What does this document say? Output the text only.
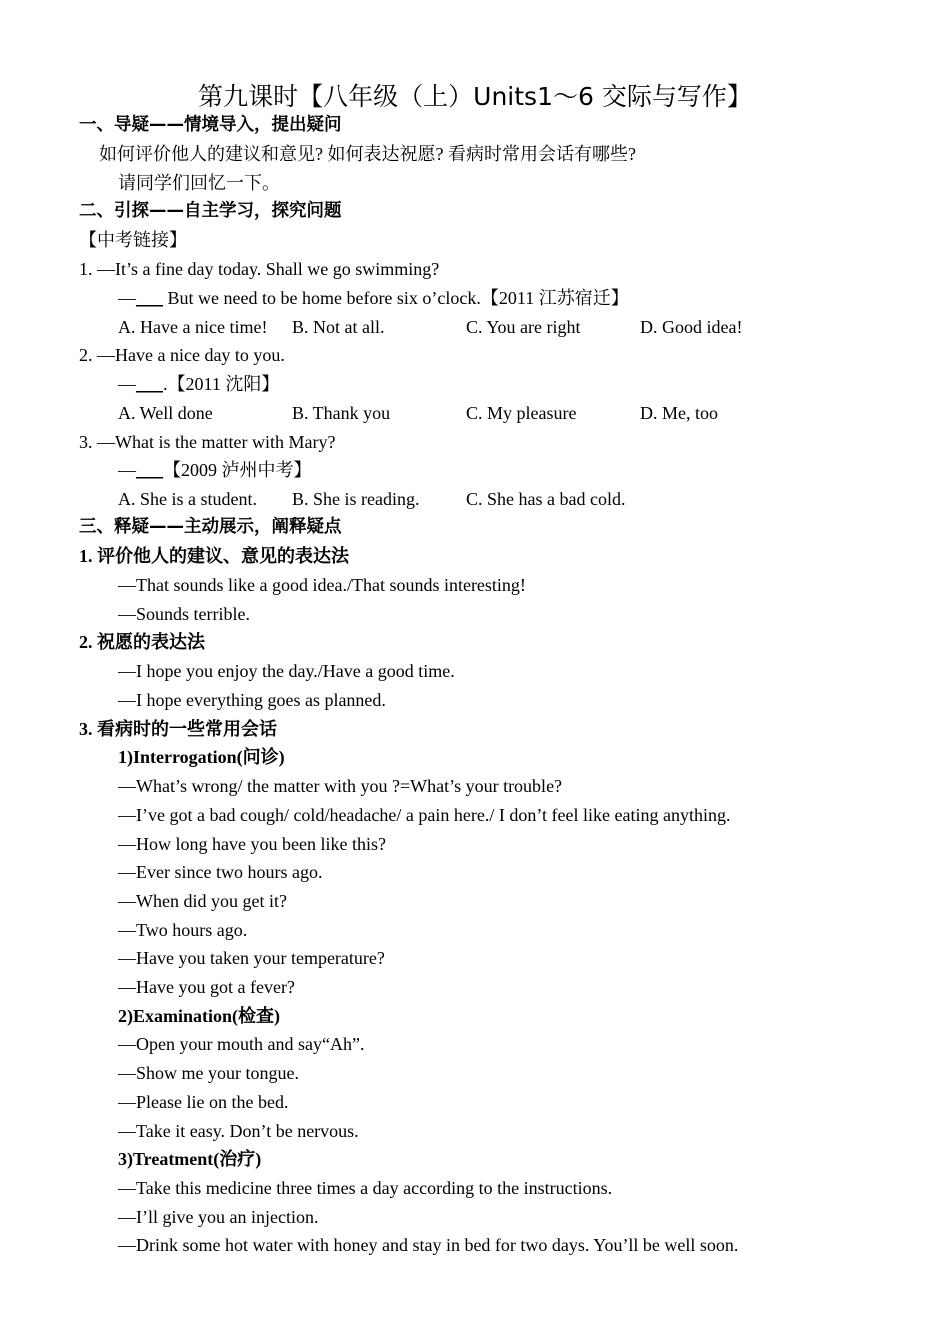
第九课时【八年级（上）Units1～6 交际与写作】
一、导疑——情境导入，提出疑问
如何评价他人的建议和意见? 如何表达祝愿? 看病时常用会话有哪些?
请同学们回忆一下。
二、引探——自主学习，探究问题
【中考链接】
1. —It’s a fine day today. Shall we go swimming?
—___ But we need to be home before six o’clock.【2011 江苏宿迁】
A. Have a nice time! B. Not at all.	C. You are right	D. Good idea!
2. —Have a nice day to you.
—___.【2011 沈阳】
A. Well done	B. Thank you	C. My pleasure	D. Me, too
3. —What is the matter with Mary?
—___【2009 泸州中考】
A. She is a student. B. She is reading.	C. She has a bad cold.
三、释疑——主动展示，阐释疑点
1. 评价他人的建议、意见的表达法
—That sounds like a good idea./That sounds interesting!
—Sounds terrible.
2. 祝愿的表达法
—I hope you enjoy the day./Have a good time.
—I hope everything goes as planned.
3. 看病时的一些常用会话
1)Interrogation(问诊)
—What’s wrong/ the matter with you ?=What’s your trouble?
—I’ve got a bad cough/ cold/headache/ a pain here./ I don’t feel like eating anything.
—How long have you been like this?
—Ever since two hours ago.
—When did you get it?
—Two hours ago.
—Have you taken your temperature?
—Have you got a fever?
2)Examination(检查)
—Open your mouth and say“Ah”.
—Show me your tongue.
—Please lie on the bed.
—Take it easy. Don’t be nervous.
3)Treatment(治疗)
—Take this medicine three times a day according to the instructions.
—I’ll give you an injection.
—Drink some hot water with honey and stay in bed for two days. You’ll be well soon.
